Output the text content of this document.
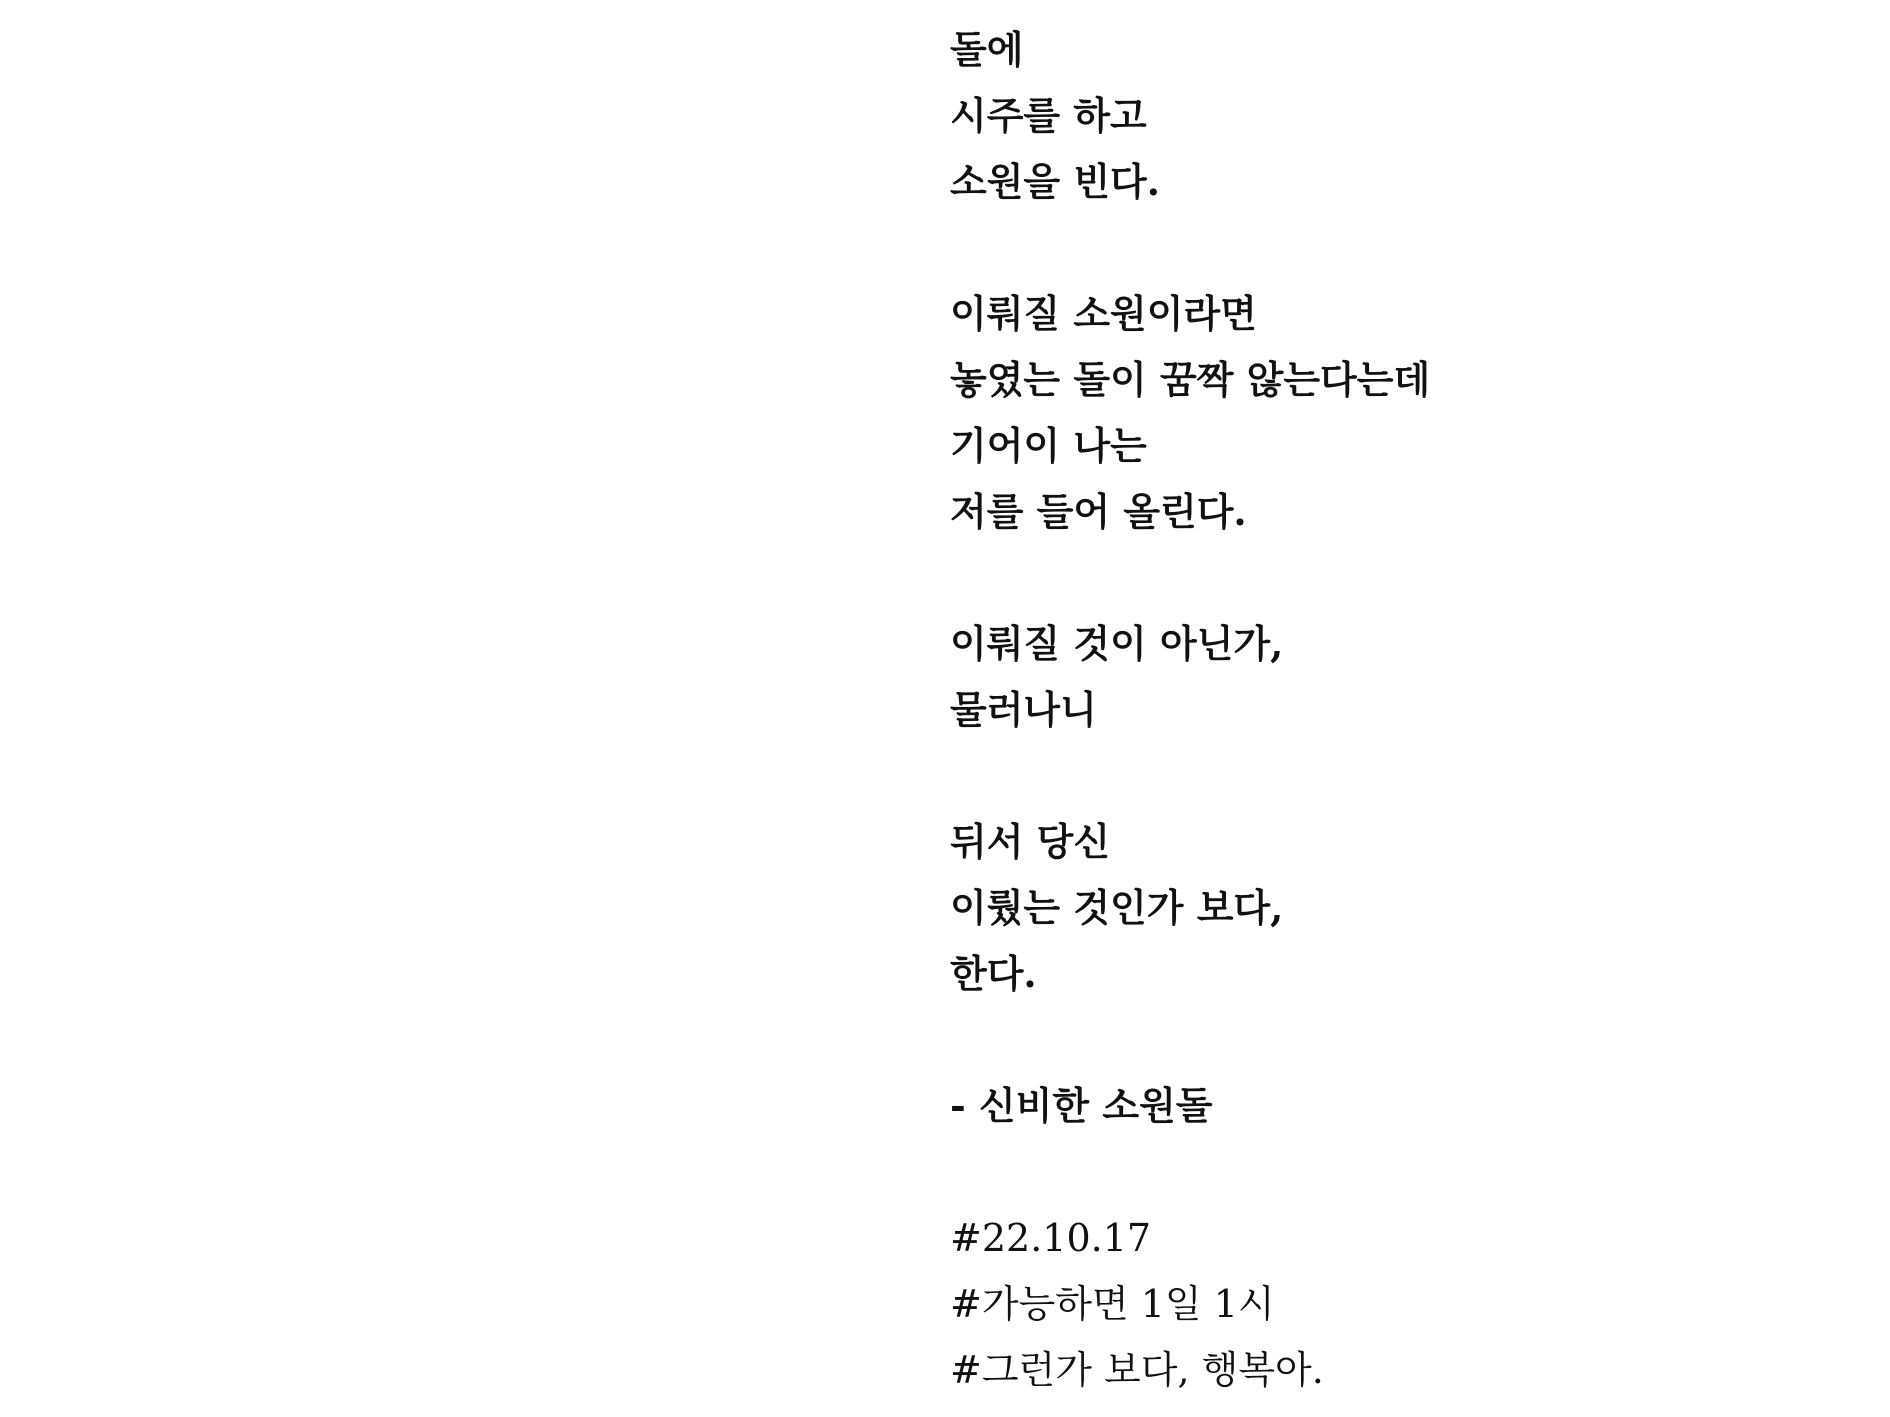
돌에
시주를 하고
소원을 빈다.
이뤄질 소원이라면
놓였는 돌이 꿈짝 않는다는데
기어이 나는
저를 들어 올린다.
이뤄질 것이 아닌가,
물러나니
뒤서 당신
이뤘는 것인가 보다,
한다.
- 신비한 소원돌
#22.10.17
#가능하면 1일 1시
#그런가 보다, 행복아.
